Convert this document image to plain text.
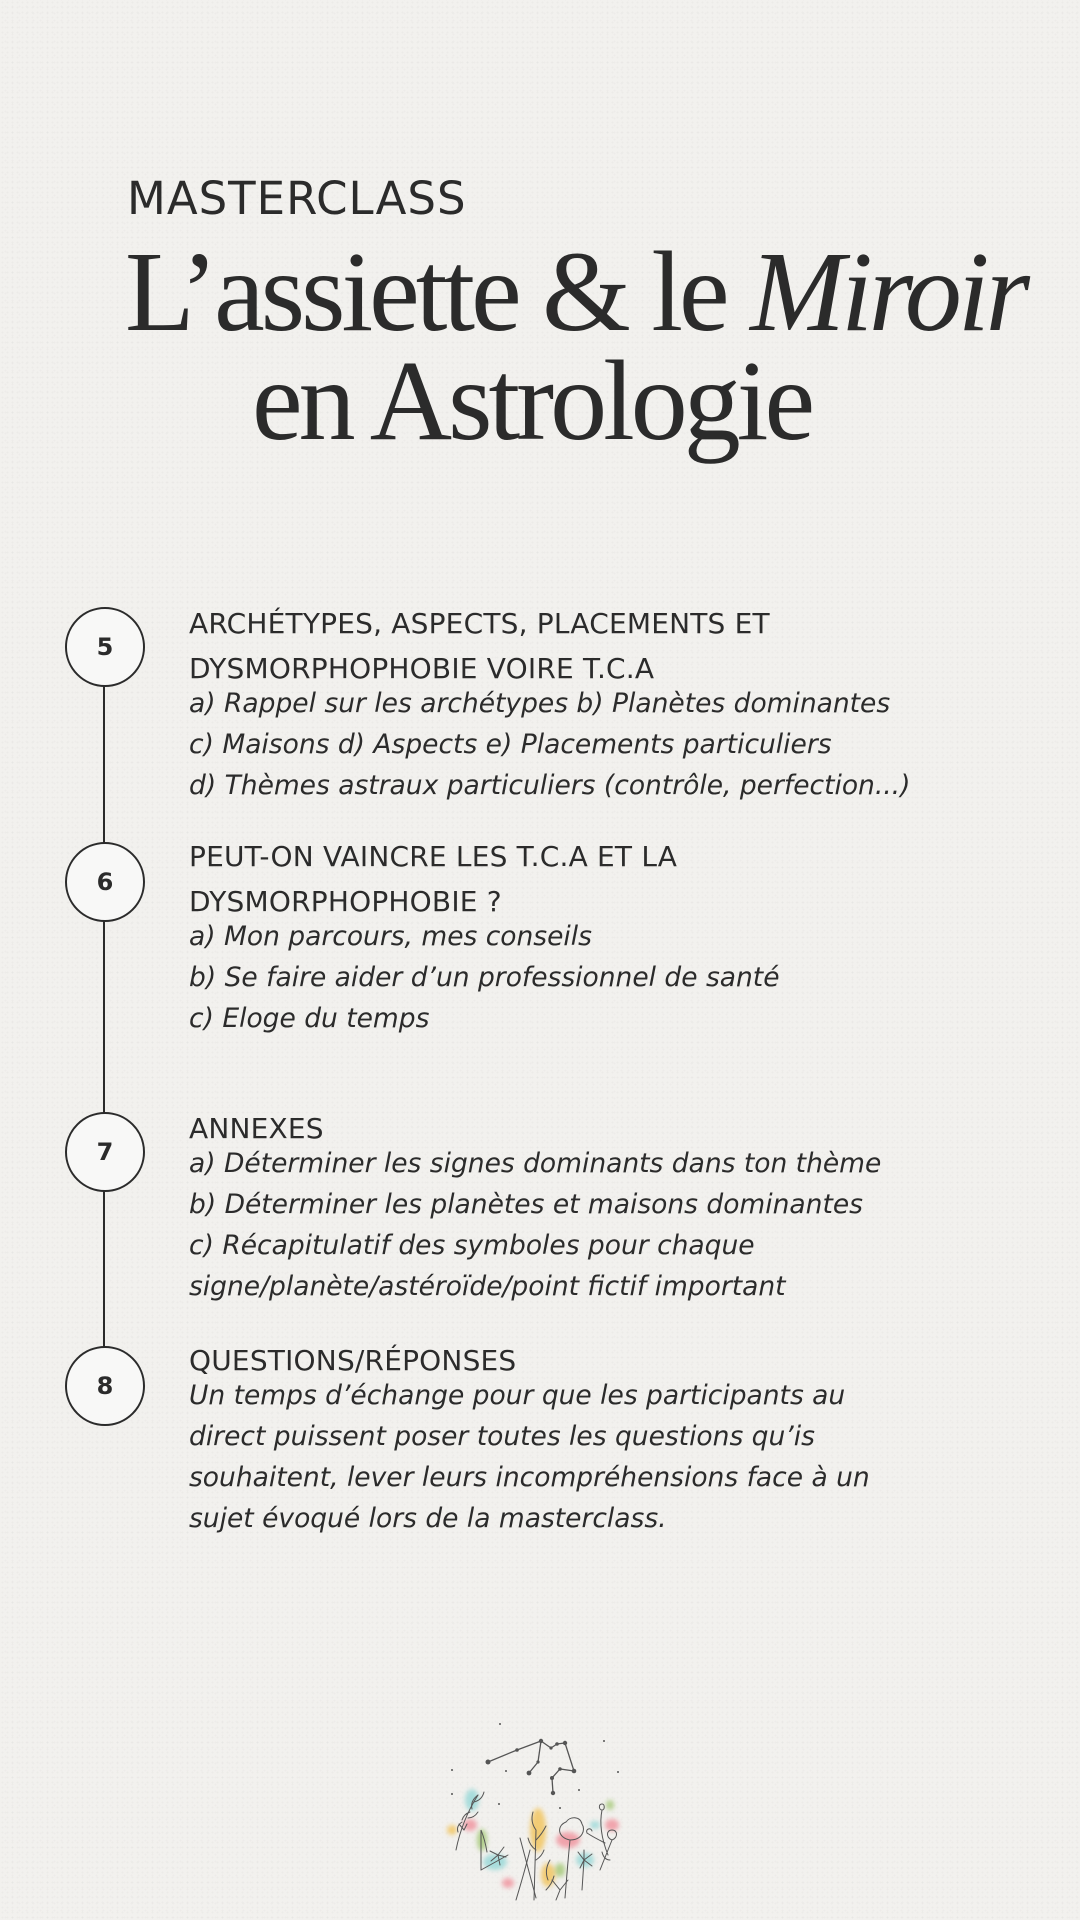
MASTERCLASS
L’assiette & le Miroir
en Astrologie
5
ARCHÉTYPES, ASPECTS, PLACEMENTS ET
DYSMORPHOPHOBIE VOIRE T.C.A
a) Rappel sur les archétypes b) Planètes dominantes
c) Maisons d) Aspects e) Placements particuliers
d) Thèmes astraux particuliers (contrôle, perfection...)
6
PEUT-ON VAINCRE LES T.C.A ET LA
DYSMORPHOPHOBIE ?
a) Mon parcours, mes conseils
b) Se faire aider d’un professionnel de santé
c) Eloge du temps
7
ANNEXES
a) Déterminer les signes dominants dans ton thème
b) Déterminer les planètes et maisons dominantes
c) Récapitulatif des symboles pour chaque
signe/planète/astéroïde/point fictif important
8
QUESTIONS/RÉPONSES
Un temps d’échange pour que les participants au
direct puissent poser toutes les questions qu’is
souhaitent, lever leurs incompréhensions face à un
sujet évoqué lors de la masterclass.
